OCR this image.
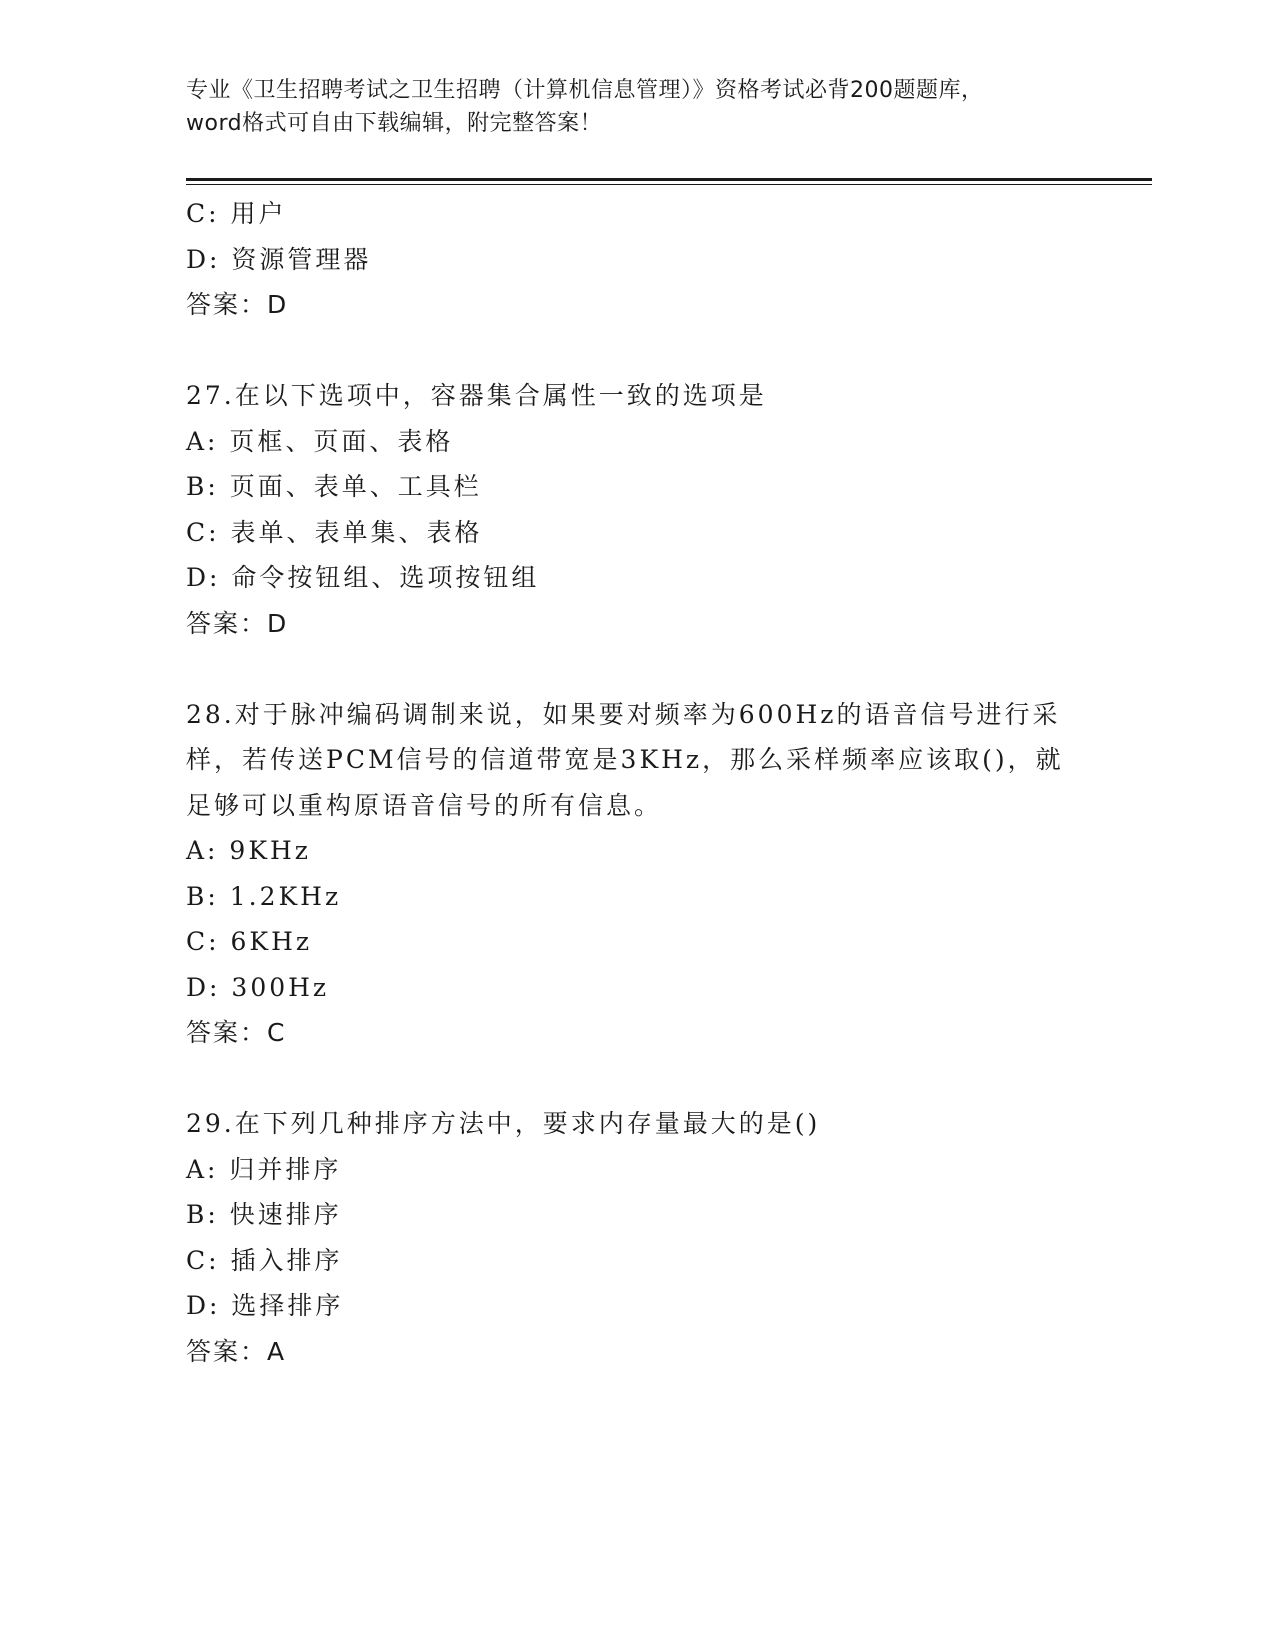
专业《卫生招聘考试之卫生招聘（计算机信息管理）》资格考试必背200题题库，
word格式可自由下载编辑，附完整答案！
C: 用户
D: 资源管理器
答案：D
27.在以下选项中，容器集合属性一致的选项是
A: 页框、页面、表格
B: 页面、表单、工具栏
C: 表单、表单集、表格
D: 命令按钮组、选项按钮组
答案：D
28.对于脉冲编码调制来说，如果要对频率为600Hz的语音信号进行采
样，若传送PCM信号的信道带宽是3KHz，那么采样频率应该取()，就
足够可以重构原语音信号的所有信息。
A: 9KHz
B: 1.2KHz
C: 6KHz
D: 300Hz
答案：C
29.在下列几种排序方法中，要求内存量最大的是()
A: 归并排序
B: 快速排序
C: 插入排序
D: 选择排序
答案：A
